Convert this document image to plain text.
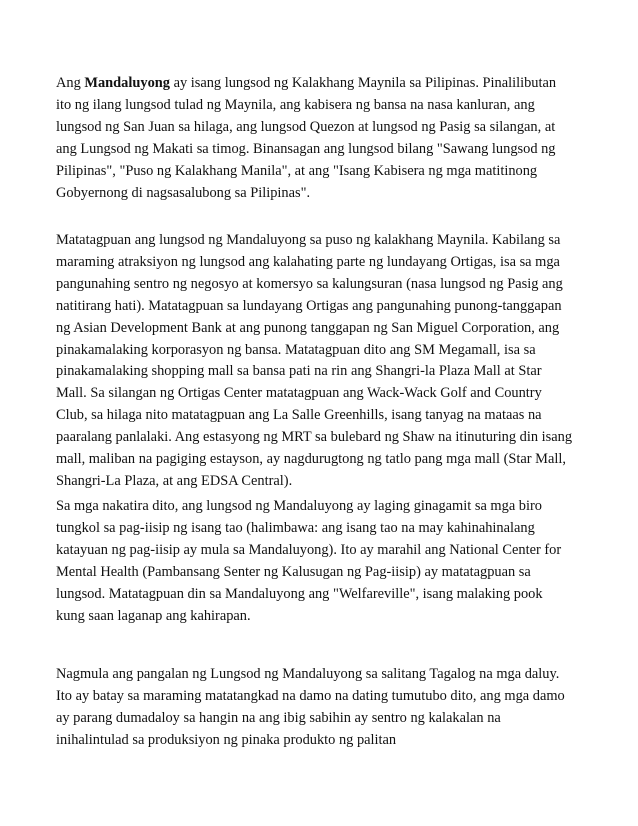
Ang Mandaluyong ay isang lungsod ng Kalakhang Maynila sa Pilipinas. Pinalilibutan
ito ng ilang lungsod tulad ng Maynila, ang kabisera ng bansa na nasa kanluran, ang
lungsod ng San Juan sa hilaga, ang lungsod Quezon at lungsod ng Pasig sa silangan, at
ang Lungsod ng Makati sa timog. Binansagan ang lungsod bilang "Sawang lungsod ng
Pilipinas", "Puso ng Kalakhang Manila", at ang "Isang Kabisera ng mga matitinong
Gobyernong di nagsasalubong sa Pilipinas".

Matatagpuan ang lungsod ng Mandaluyong sa puso ng kalakhang Maynila. Kabilang sa
maraming atraksiyon ng lungsod ang kalahating parte ng lundayang Ortigas, isa sa mga
pangunahing sentro ng negosyo at komersyo sa kalungsuran (nasa lungsod ng Pasig ang
natitirang hati). Matatagpuan sa lundayang Ortigas ang pangunahing punong-tanggapan
ng Asian Development Bank at ang punong tanggapan ng San Miguel Corporation, ang
pinakamalaking korporasyon ng bansa. Matatagpuan dito ang SM Megamall, isa sa
pinakamalaking shopping mall sa bansa pati na rin ang Shangri-la Plaza Mall at Star
Mall. Sa silangan ng Ortigas Center matatagpuan ang Wack-Wack Golf and Country
Club, sa hilaga nito matatagpuan ang La Salle Greenhills, isang tanyag na mataas na
paaralang panlalaki. Ang estasyong ng MRT sa bulebard ng Shaw na itinuturing din isang
mall, maliban na pagiging estayson, ay nagdurugtong ng tatlo pang mga mall (Star Mall,
Shangri-La Plaza, at ang EDSA Central).

Sa mga nakatira dito, ang lungsod ng Mandaluyong ay laging ginagamit sa mga biro
tungkol sa pag-iisip ng isang tao (halimbawa: ang isang tao na may kahinahinalang
katayuan ng pag-iisip ay mula sa Mandaluyong). Ito ay marahil ang National Center for
Mental Health (Pambansang Senter ng Kalusugan ng Pag-iisip) ay matatagpuan sa
lungsod. Matatagpuan din sa Mandaluyong ang "Welfareville", isang malaking pook
kung saan laganap ang kahirapan.

Nagmula ang pangalan ng Lungsod ng Mandaluyong sa salitang Tagalog na mga daluy.
Ito ay batay sa maraming matatangkad na damo na dating tumutubo dito, ang mga damo
ay parang dumadaloy sa hangin na ang ibig sabihin ay sentro ng kalakalan na
inihalintulad sa produksiyon ng pinaka produkto ng palitan
